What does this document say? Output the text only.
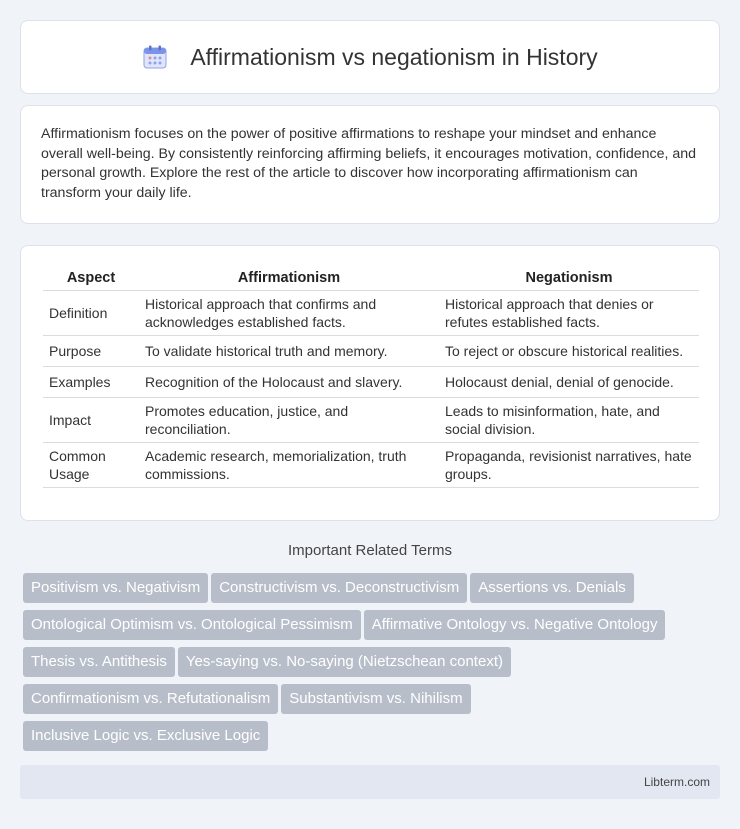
Affirmationism vs negationism in History

Affirmationism focuses on the power of positive affirmations to reshape your mindset and enhance overall well-being. By consistently reinforcing affirming beliefs, it encourages motivation, confidence, and personal growth. Explore the rest of the article to discover how incorporating affirmationism can transform your daily life.

Aspect	Affirmationism	Negationism
Definition	Historical approach that confirms and acknowledges established facts.	Historical approach that denies or refutes established facts.
Purpose	To validate historical truth and memory.	To reject or obscure historical realities.
Examples	Recognition of the Holocaust and slavery.	Holocaust denial, denial of genocide.
Impact	Promotes education, justice, and reconciliation.	Leads to misinformation, hate, and social division.
Common Usage	Academic research, memorialization, truth commissions.	Propaganda, revisionist narratives, hate groups.
Important Related Terms
Positivism vs. Negativism Constructivism vs. Deconstructivism Assertions vs. Denials
Ontological Optimism vs. Ontological Pessimism Affirmative Ontology vs. Negative Ontology
Thesis vs. Antithesis Yes-saying vs. No-saying (Nietzschean context)
Confirmationism vs. Refutationalism Substantivism vs. Nihilism
Inclusive Logic vs. Exclusive Logic
Libterm.com
